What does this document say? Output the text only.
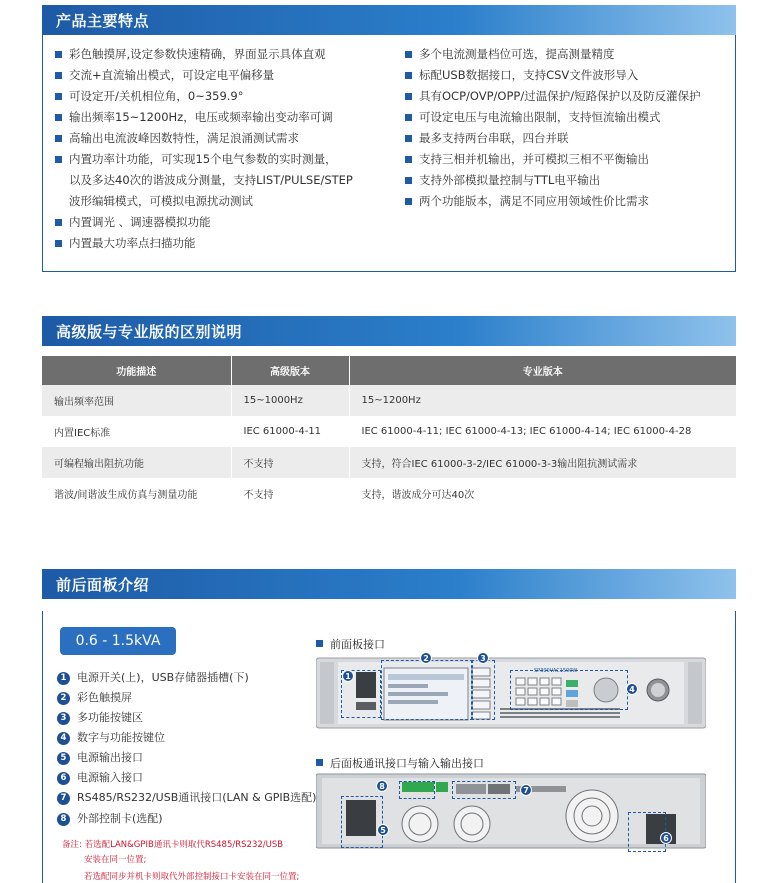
产品主要特点
彩色触摸屏,设定参数快速精确，界面显示具体直观
交流+直流输出模式，可设定电平偏移量
可设定开/关机相位角，0~359.9°
输出频率15~1200Hz，电压或频率输出变动率可调
高输出电流波峰因数特性，满足浪涌测试需求
内置功率计功能，可实现15个电气参数的实时测量，
以及多达40次的谐波成分测量，支持LIST/PULSE/STEP
波形编辑模式，可模拟电源扰动测试
内置调光 、调速器模拟功能
内置最大功率点扫描功能
多个电流测量档位可选，提高测量精度
标配USB数据接口，支持CSV文件波形导入
具有OCP/OVP/OPP/过温保护/短路保护以及防反灌保护
可设定电压与电流输出限制，支持恒流输出模式
最多支持两台串联，四台并联
支持三相并机输出，并可模拟三相不平衡输出
支持外部模拟量控制与TTL电平输出
两个功能版本，满足不同应用领域性价比需求
高级版与专业版的区别说明
功能描述	高级版本	专业版本
输出频率范围	15~1000Hz	15~1200Hz
内置IEC标准	IEC 61000-4-11	IEC 61000-4-11; IEC 61000-4-13; IEC 61000-4-14; IEC 61000-4-28
可编程输出阻抗功能	不支持	支持，符合IEC 61000-3-2/IEC 61000-3-3输出阻抗测试需求
谐波/间谐波生成仿真与测量功能	不支持	支持，谐波成分可达40次
前后面板介绍
0.6 - 1.5kVA
1 电源开关(上)，USB存储器插槽(下)
2 彩色触摸屏
3 多功能按键区
4 数字与功能按键位
5 电源输出接口
6 电源输入接口
7 RS485/RS232/USB通讯接口(LAN & GPIB选配)
8 外部控制卡(选配)
备注: 若选配LAN&GPIB通讯卡则取代RS485/RS232/USB
安装在同一位置;
若选配同步并机卡则取代外部控制接口卡安装在同一位置;
前面板接口
后面板通讯接口与输入输出接口
SP300VAC1500W
1
2	3
4
8
5
7
6
